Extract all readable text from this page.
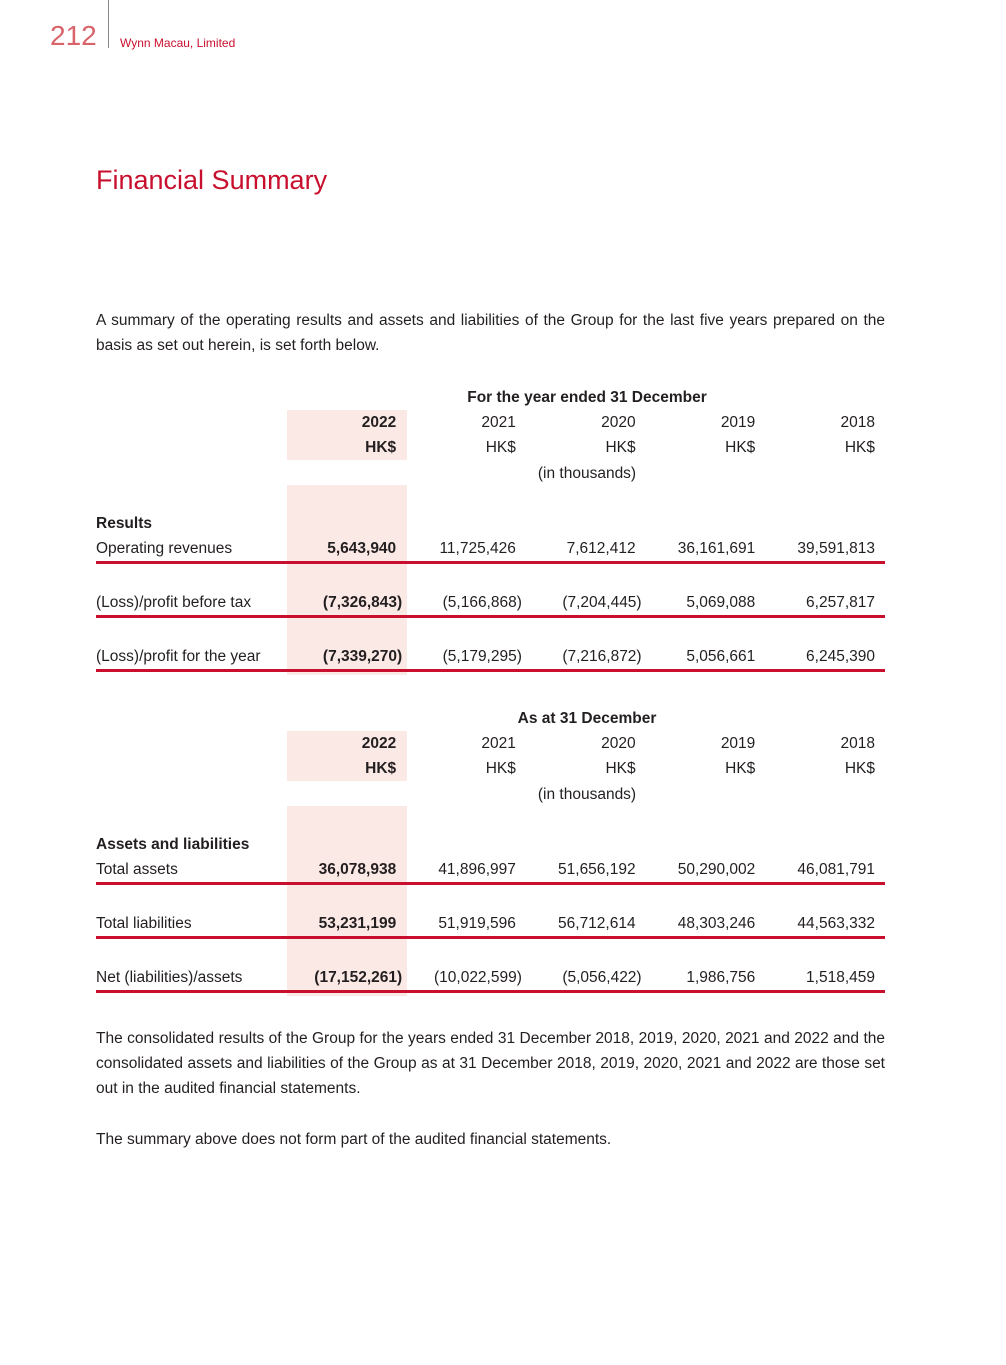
212 Wynn Macau, Limited
Financial Summary
A summary of the operating results and assets and liabilities of the Group for the last five years prepared on the basis as set out herein, is set forth below.
For the year ended 31 December
2022	2021	2020	2019	2018
HK$	HK$	HK$	HK$	HK$
(in thousands)
Results
Operating revenues	5,643,940	11,725,426	7,612,412	36,161,691	39,591,813
(Loss)/profit before tax	(7,326,843)	(5,166,868)	(7,204,445)	5,069,088	6,257,817
(Loss)/profit for the year	(7,339,270)	(5,179,295)	(7,216,872)	5,056,661	6,245,390
As at 31 December
2022	2021	2020	2019	2018
HK$	HK$	HK$	HK$	HK$
(in thousands)
Assets and liabilities
Total assets	36,078,938	41,896,997	51,656,192	50,290,002	46,081,791
Total liabilities	53,231,199	51,919,596	56,712,614	48,303,246	44,563,332
Net (liabilities)/assets	(17,152,261)	(10,022,599)	(5,056,422)	1,986,756	1,518,459
The consolidated results of the Group for the years ended 31 December 2018, 2019, 2020, 2021 and 2022 and the consolidated assets and liabilities of the Group as at 31 December 2018, 2019, 2020, 2021 and 2022 are those set out in the audited financial statements.
The summary above does not form part of the audited financial statements.
